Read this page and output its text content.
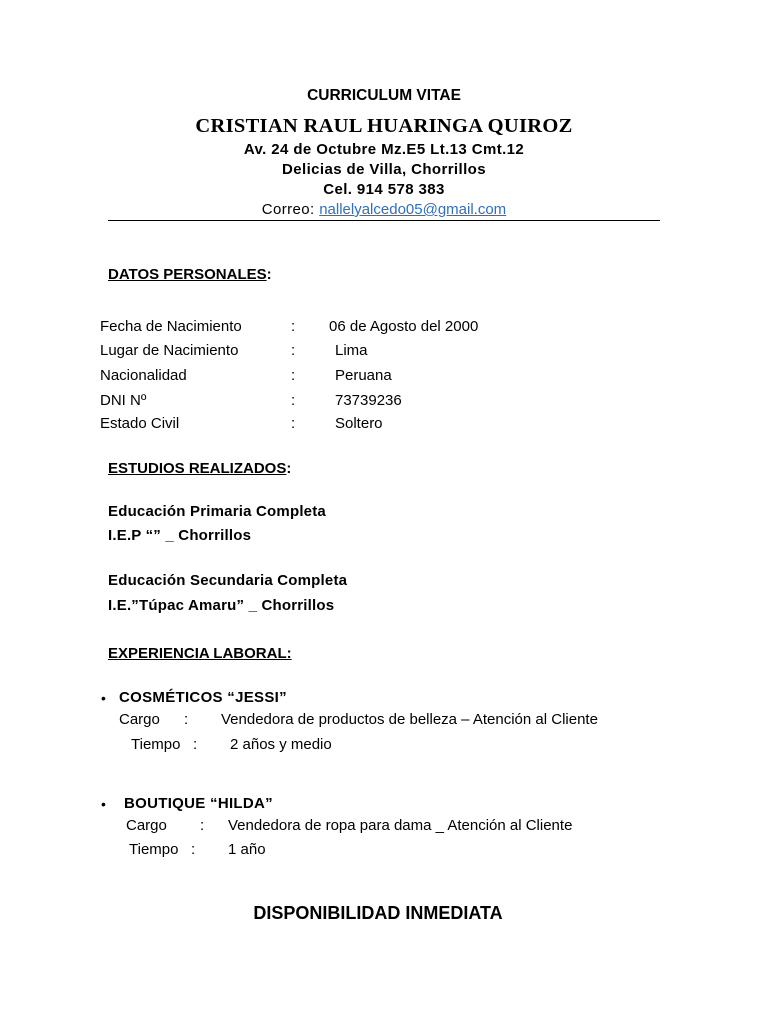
CURRICULUM VITAE
CRISTIAN RAUL HUARINGA QUIROZ
Av. 24 de Octubre Mz.E5 Lt.13 Cmt.12
Delicias de Villa, Chorrillos
Cel. 914 578 383
Correo: nallelyalcedo05@gmail.com
DATOS PERSONALES:
Fecha de Nacimiento	: 06 de Agosto del 2000
Lugar de Nacimiento	:	Lima
Nacionalidad	:	Peruana
DNI Nº	:	73739236
Estado Civil	:	Soltero
ESTUDIOS REALIZADOS:
Educación Primaria Completa
I.E.P “” _ Chorrillos
Educación Secundaria Completa
I.E.”Túpac Amaru” _ Chorrillos
EXPERIENCIA LABORAL:
• COSMÉTICOS “JESSI”
Cargo : Vendedora de productos de belleza – Atención al Cliente
Tiempo : 2 años y medio
• BOUTIQUE “HILDA”
Cargo : Vendedora de ropa para dama _ Atención al Cliente
Tiempo : 1 año
DISPONIBILIDAD INMEDIATA
